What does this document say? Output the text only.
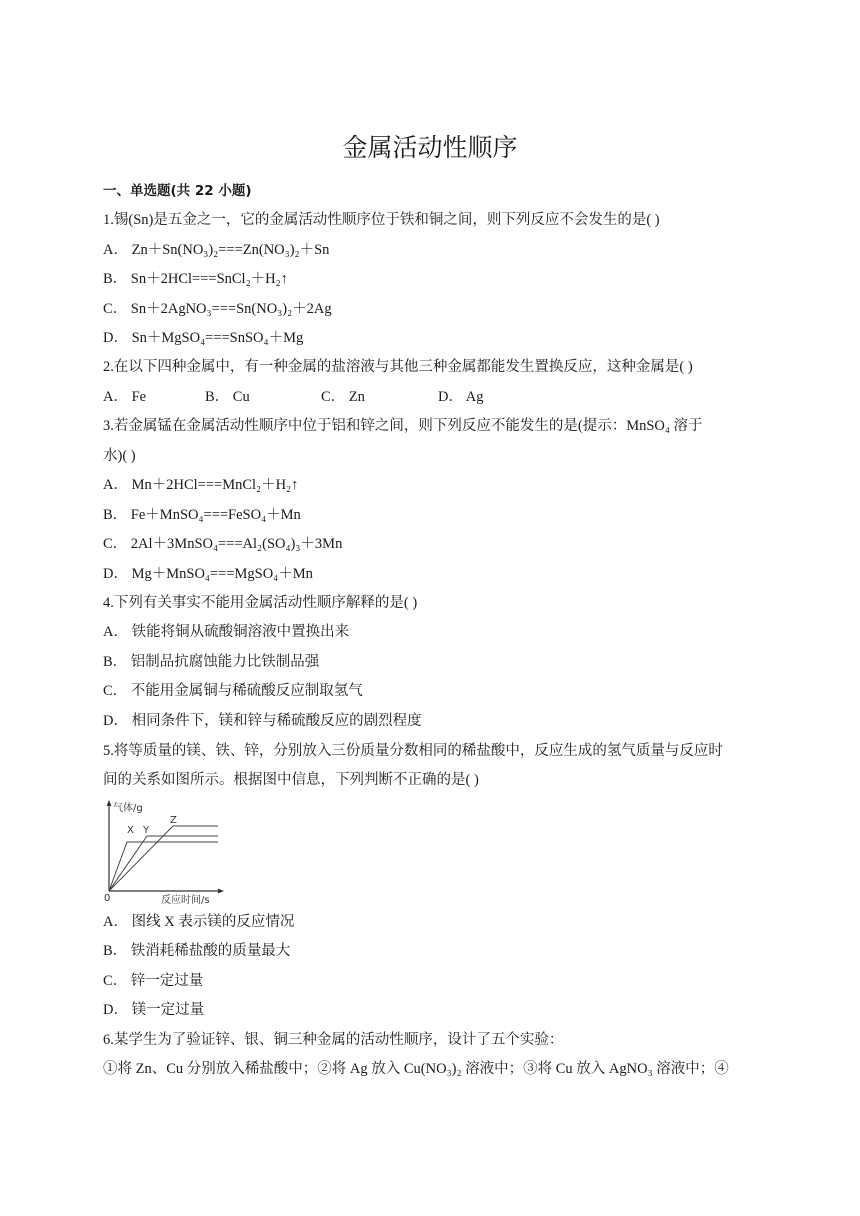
金属活动性顺序
一、单选题(共 22 小题)
1.锡(Sn)是五金之一，它的金属活动性顺序位于铁和铜之间，则下列反应不会发生的是( )
A． Zn＋Sn(NO₃)₂===Zn(NO₃)₂＋Sn
B． Sn＋2HCl===SnCl₂＋H₂↑
C． Sn＋2AgNO₃===Sn(NO₃)₂＋2Ag
D． Sn＋MgSO₄===SnSO₄＋Mg
2.在以下四种金属中，有一种金属的盐溶液与其他三种金属都能发生置换反应，这种金属是( )
A． Fe	B． Cu	C． Zn	D． Ag
3.若金属锰在金属活动性顺序中位于铝和锌之间，则下列反应不能发生的是(提示：MnSO₄ 溶于
水)( )
A． Mn＋2HCl===MnCl₂＋H₂↑
B． Fe＋MnSO₄===FeSO₄＋Mn
C． 2Al＋3MnSO₄===Al₂(SO₄)₃＋3Mn
D． Mg＋MnSO₄===MgSO₄＋Mn
4.下列有关事实不能用金属活动性顺序解释的是( )
A． 铁能将铜从硫酸铜溶液中置换出来
B． 铝制品抗腐蚀能力比铁制品强
C． 不能用金属铜与稀硫酸反应制取氢气
D． 相同条件下，镁和锌与稀硫酸反应的剧烈程度
5.将等质量的镁、铁、锌，分别放入三份质量分数相同的稀盐酸中，反应生成的氢气质量与反应时
间的关系如图所示。根据图中信息，下列判断不正确的是( )
气体/g
X Y
Z
0	反应时间/s
A． 图线 X 表示镁的反应情况
B． 铁消耗稀盐酸的质量最大
C． 锌一定过量
D． 镁一定过量
6.某学生为了验证锌、银、铜三种金属的活动性顺序，设计了五个实验：
①将 Zn、Cu 分别放入稀盐酸中；②将 Ag 放入 Cu(NO₃)₂ 溶液中；③将 Cu 放入 AgNO₃ 溶液中；④
